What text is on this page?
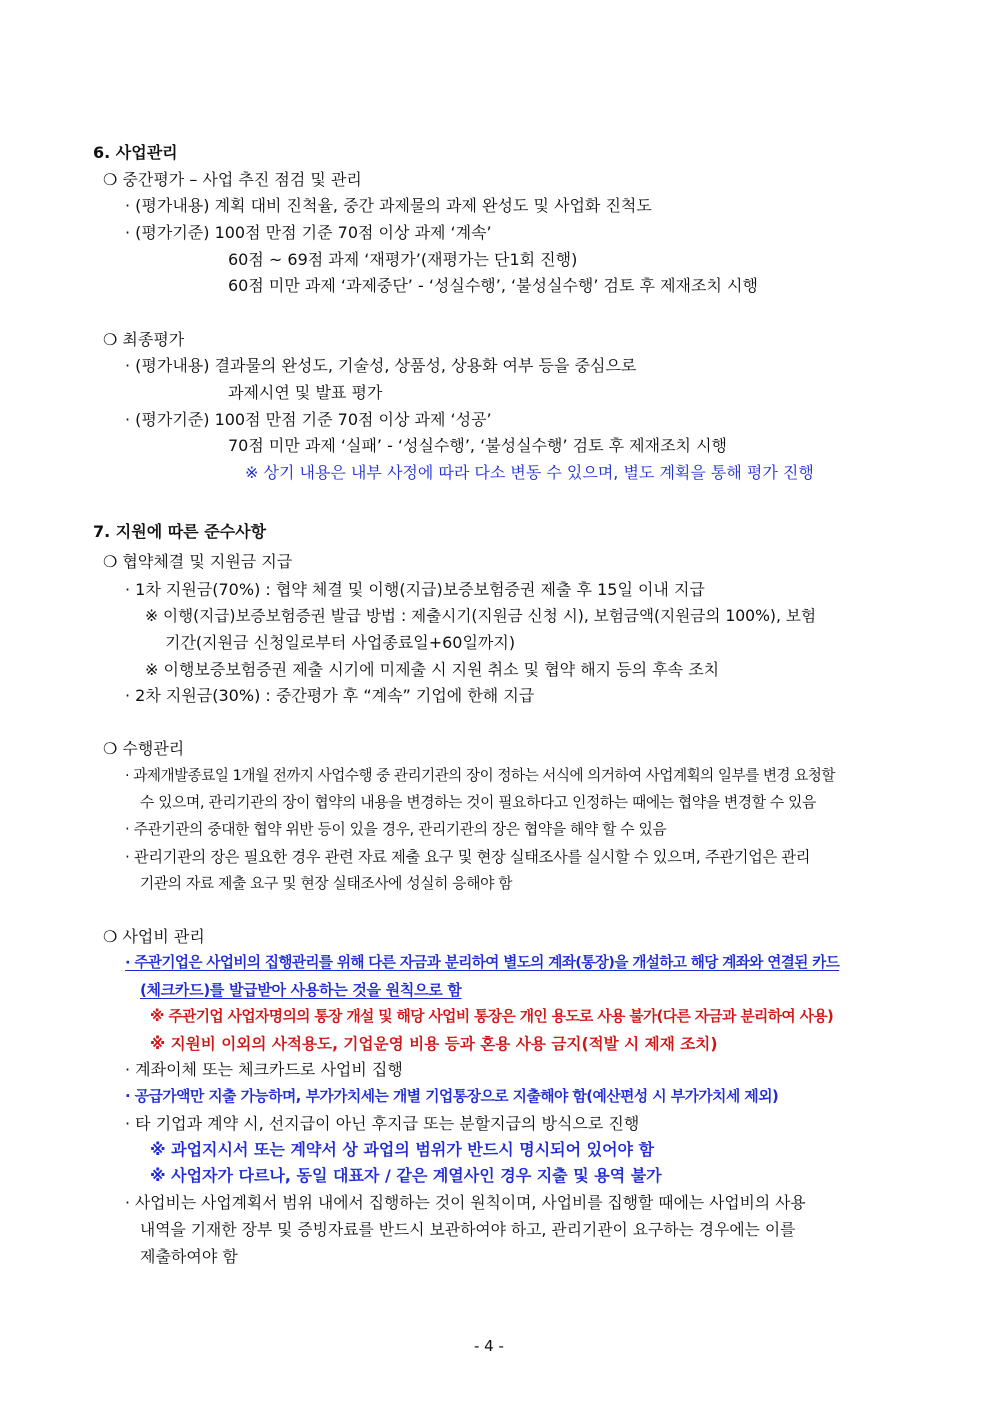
6. 사업관리
❍ 중간평가 – 사업 추진 점검 및 관리
· (평가내용) 계획 대비 진척율, 중간 과제물의 과제 완성도 및 사업화 진척도
· (평가기준) 100점 만점 기준 70점 이상 과제 ‘계속’
60점 ~ 69점 과제 ‘재평가’(재평가는 단1회 진행)
60점 미만 과제 ‘과제중단’ - ‘성실수행’, ‘불성실수행’ 검토 후 제재조치 시행
❍ 최종평가
· (평가내용) 결과물의 완성도, 기술성, 상품성, 상용화 여부 등을 중심으로
과제시연 및 발표 평가
· (평가기준) 100점 만점 기준 70점 이상 과제 ‘성공’
70점 미만 과제 ‘실패’ - ‘성실수행’, ‘불성실수행’ 검토 후 제재조치 시행
※ 상기 내용은 내부 사정에 따라 다소 변동 수 있으며, 별도 계획을 통해 평가 진행
7. 지원에 따른 준수사항
❍ 협약체결 및 지원금 지급
· 1차 지원금(70%) : 협약 체결 및 이행(지급)보증보험증권 제출 후 15일 이내 지급
※ 이행(지급)보증보험증권 발급 방법 : 제출시기(지원금 신청 시), 보험금액(지원금의 100%), 보험
기간(지원금 신청일로부터 사업종료일+60일까지)
※ 이행보증보험증권 제출 시기에 미제출 시 지원 취소 및 협약 해지 등의 후속 조치
· 2차 지원금(30%) : 중간평가 후 “계속” 기업에 한해 지급
❍ 수행관리
· 과제개발종료일 1개월 전까지 사업수행 중 관리기관의 장이 정하는 서식에 의거하여 사업계획의 일부를 변경 요청할
수 있으며, 관리기관의 장이 협약의 내용을 변경하는 것이 필요하다고 인정하는 때에는 협약을 변경할 수 있음
· 주관기관의 중대한 협약 위반 등이 있을 경우, 관리기관의 장은 협약을 해약 할 수 있음
· 관리기관의 장은 필요한 경우 관련 자료 제출 요구 및 현장 실태조사를 실시할 수 있으며, 주관기업은 관리
기관의 자료 제출 요구 및 현장 실태조사에 성실히 응해야 함
❍ 사업비 관리
· 주관기업은 사업비의 집행관리를 위해 다른 자금과 분리하여 별도의 계좌(통장)을 개설하고 해당 계좌와 연결된 카드
(체크카드)를 발급받아 사용하는 것을 원칙으로 함
※ 주관기업 사업자명의의 통장 개설 및 해당 사업비 통장은 개인 용도로 사용 불가(다른 자금과 분리하여 사용)
※ 지원비 이외의 사적용도, 기업운영 비용 등과 혼용 사용 금지(적발 시 제재 조치)
· 계좌이체 또는 체크카드로 사업비 집행
· 공급가액만 지출 가능하며, 부가가치세는 개별 기업통장으로 지출해야 함(예산편성 시 부가가치세 제외)
· 타 기업과 계약 시, 선지급이 아닌 후지급 또는 분할지급의 방식으로 진행
※ 과업지시서 또는 계약서 상 과업의 범위가 반드시 명시되어 있어야 함
※ 사업자가 다르나, 동일 대표자 / 같은 계열사인 경우 지출 및 용역 불가
· 사업비는 사업계획서 범위 내에서 집행하는 것이 원칙이며, 사업비를 집행할 때에는 사업비의 사용
내역을 기재한 장부 및 증빙자료를 반드시 보관하여야 하고, 관리기관이 요구하는 경우에는 이를
제출하여야 함
- 4 -
